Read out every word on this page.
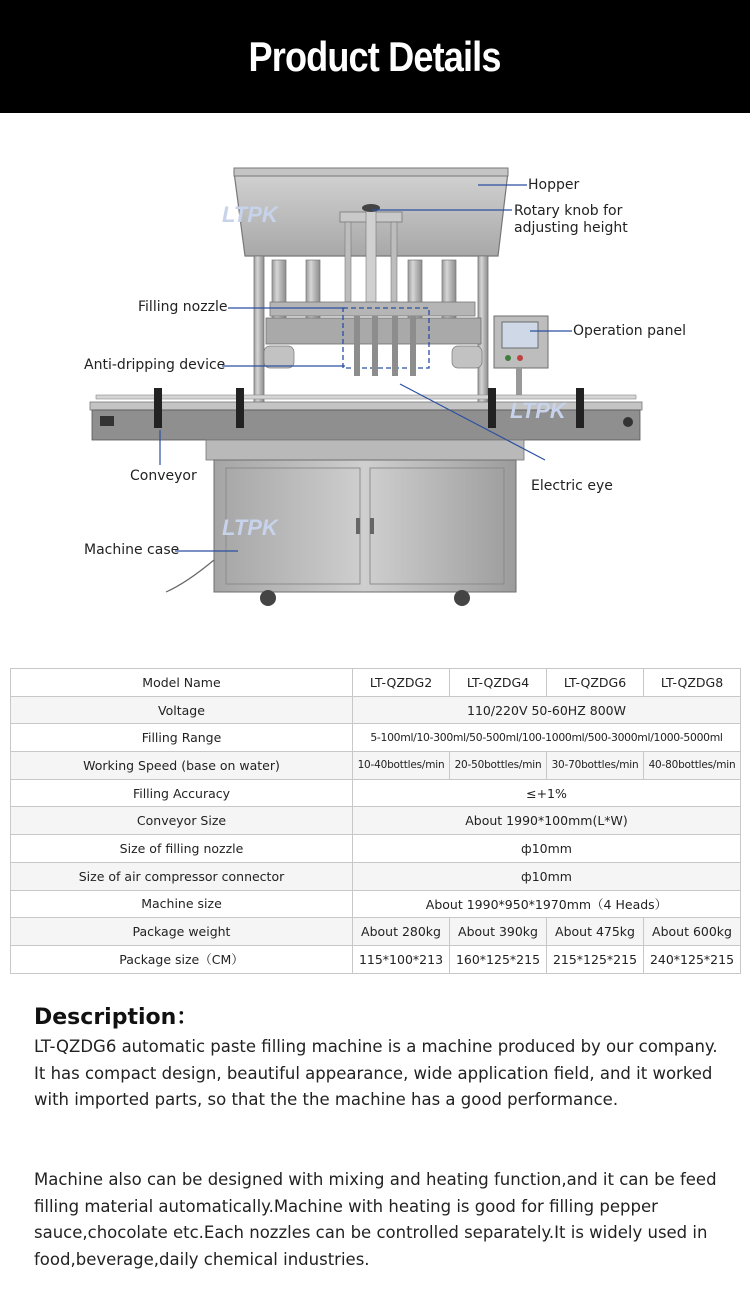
Product Details
LTPK
LTPK
LTPK
Hopper
Rotary knob for
adjusting height
Filling nozzle
Operation panel
Anti-dripping device
Conveyor
Electric eye
Machine case
Model Name	LT-QZDG2	LT-QZDG4	LT-QZDG6	LT-QZDG8
Voltage	110/220V 50-60HZ 800W			
Filling Range	5-100ml/10-300ml/50-500ml/100-1000ml/500-3000ml/1000-5000ml			
Working Speed (base on water)	10-40bottles/min	20-50bottles/min	30-70bottles/min	40-80bottles/min
Filling Accuracy	≤+1%			
Conveyor Size	About 1990*100mm(L*W)			
Size of filling nozzle	ф10mm			
Size of air compressor connector	ф10mm			
Machine size	About 1990*950*1970mm（4 Heads）			
Package weight	About 280kg	About 390kg	About 475kg	About 600kg
Package size（CM）	115*100*213	160*125*215	215*125*215	240*125*215
Description：

LT-QZDG6 automatic paste filling machine is a machine produced by our company. It has compact design, beautiful appearance, wide application field, and it worked with imported parts, so that the the machine has a good performance.

Machine also can be designed with mixing and heating function,and it can be feed filling material automatically.Machine with heating is good for filling pepper sauce,chocolate etc.Each nozzles can be controlled separately.It is widely used in food,beverage,daily chemical industries.
